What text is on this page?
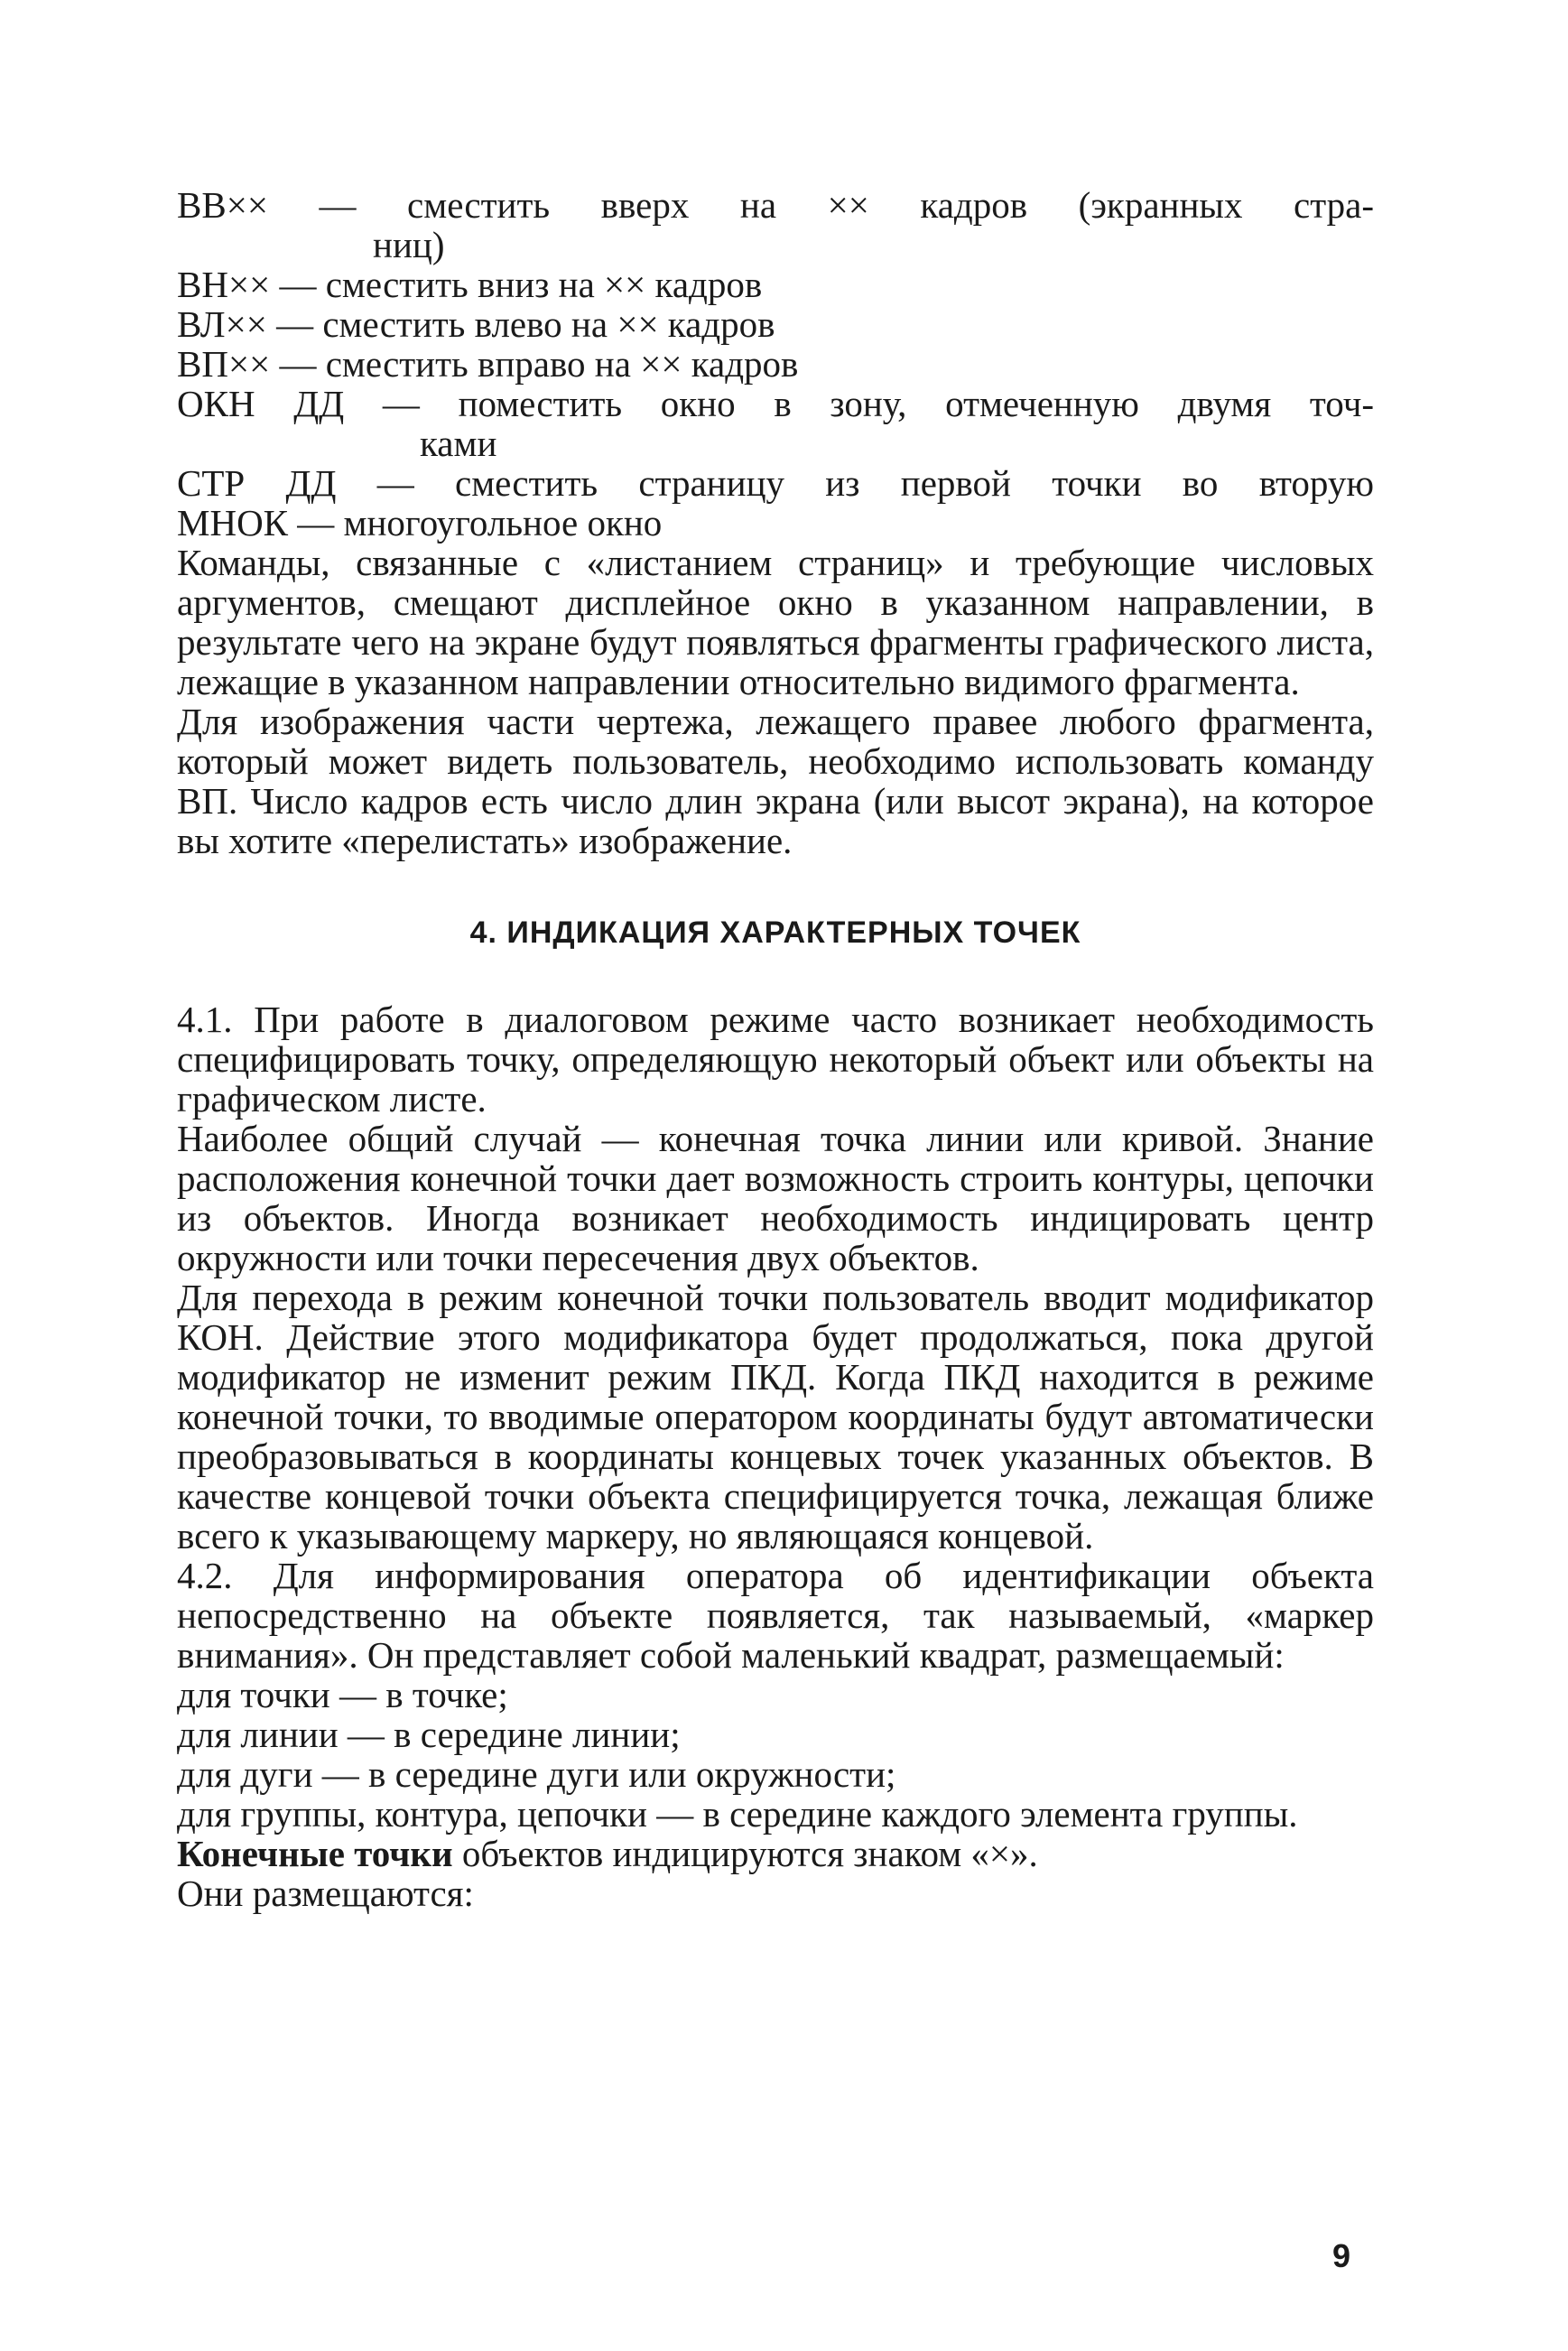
ВВ×× — сместить вверх на ×× кадров (экранных стра-
ниц)
ВН×× — сместить вниз на ×× кадров
ВЛ×× — сместить влево на ×× кадров
ВП×× — сместить вправо на ×× кадров
ОКН ДД — поместить окно в зону, отмеченную двумя точ-
ками
СТР ДД — сместить страницу из первой точки во вторую
МНОК — многоугольное окно

Команды, связанные с «листанием страниц» и требующие числовых аргументов, смещают дисплейное окно в указанном направлении, в результате чего на экране будут появляться фрагменты графического листа, лежащие в указанном направлении относительно видимого фрагмента.

Для изображения части чертежа, лежащего правее любого фрагмента, который может видеть пользователь, необходимо использовать команду ВП. Число кадров есть число длин экрана (или высот экрана), на которое вы хотите «перелистать» изображение.

4. ИНДИКАЦИЯ ХАРАКТЕРНЫХ ТОЧЕК

4.1. При работе в диалоговом режиме часто возникает необходимость специфицировать точку, определяющую некоторый объект или объекты на графическом листе.

Наиболее общий случай — конечная точка линии или кривой. Знание расположения конечной точки дает возможность строить контуры, цепочки из объектов. Иногда возникает необходимость индицировать центр окружности или точки пересечения двух объектов.

Для перехода в режим конечной точки пользователь вводит модификатор КОН. Действие этого модификатора будет продолжаться, пока другой модификатор не изменит режим ПКД. Когда ПКД находится в режиме конечной точки, то вводимые оператором координаты будут автоматически преобразовываться в координаты концевых точек указанных объектов. В качестве концевой точки объекта специфицируется точка, лежащая ближе всего к указывающему маркеру, но являющаяся концевой.

4.2. Для информирования оператора об идентификации объекта непосредственно на объекте появляется, так называемый, «маркер внимания». Он представляет собой маленький квадрат, размещаемый:

для точки — в точке;
для линии — в середине линии;
для дуги — в середине дуги или окружности;
для группы, контура, цепочки — в середине каждого элемента группы.

Конечные точки объектов индицируются знаком «×».

Они размещаются:

9
